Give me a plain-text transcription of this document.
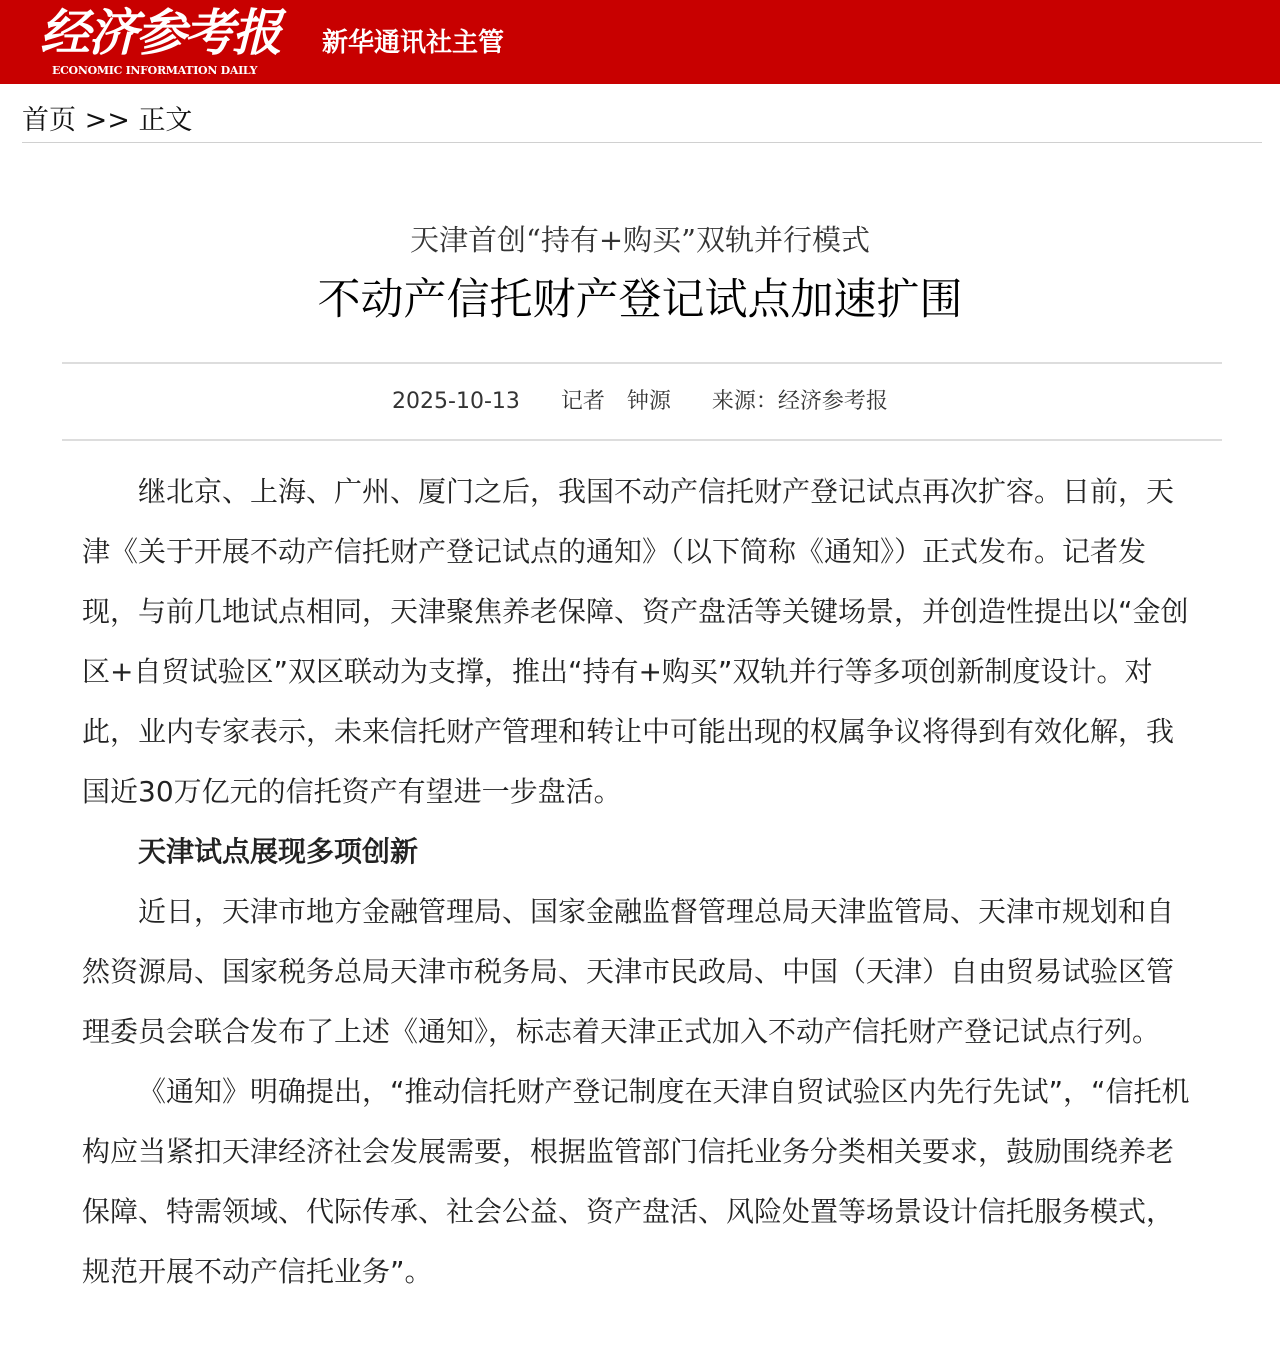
经济参考报
ECONOMIC INFORMATION DAILY
新华通讯社主管
首页 >> 正文
天津首创“持有+购买”双轨并行模式
不动产信托财产登记试点加速扩围
2025-10-13 记者　钟源 来源：经济参考报

继北京、上海、广州、厦门之后，我国不动产信托财产登记试点再次扩容。日前，天津《关于开展不动产信托财产登记试点的通知》（以下简称《通知》）正式发布。记者发现，与前几地试点相同，天津聚焦养老保障、资产盘活等关键场景，并创造性提出以“金创区+自贸试验区”双区联动为支撑，推出“持有+购买”双轨并行等多项创新制度设计。对此，业内专家表示，未来信托财产管理和转让中可能出现的权属争议将得到有效化解，我国近30万亿元的信托资产有望进一步盘活。

天津试点展现多项创新

近日，天津市地方金融管理局、国家金融监督管理总局天津监管局、天津市规划和自然资源局、国家税务总局天津市税务局、天津市民政局、中国（天津）自由贸易试验区管理委员会联合发布了上述《通知》，标志着天津正式加入不动产信托财产登记试点行列。

《通知》明确提出，“推动信托财产登记制度在天津自贸试验区内先行先试”，“信托机构应当紧扣天津经济社会发展需要，根据监管部门信托业务分类相关要求，鼓励围绕养老保障、特需领域、代际传承、社会公益、资产盘活、风险处置等场景设计信托服务模式，规范开展不动产信托业务”。
